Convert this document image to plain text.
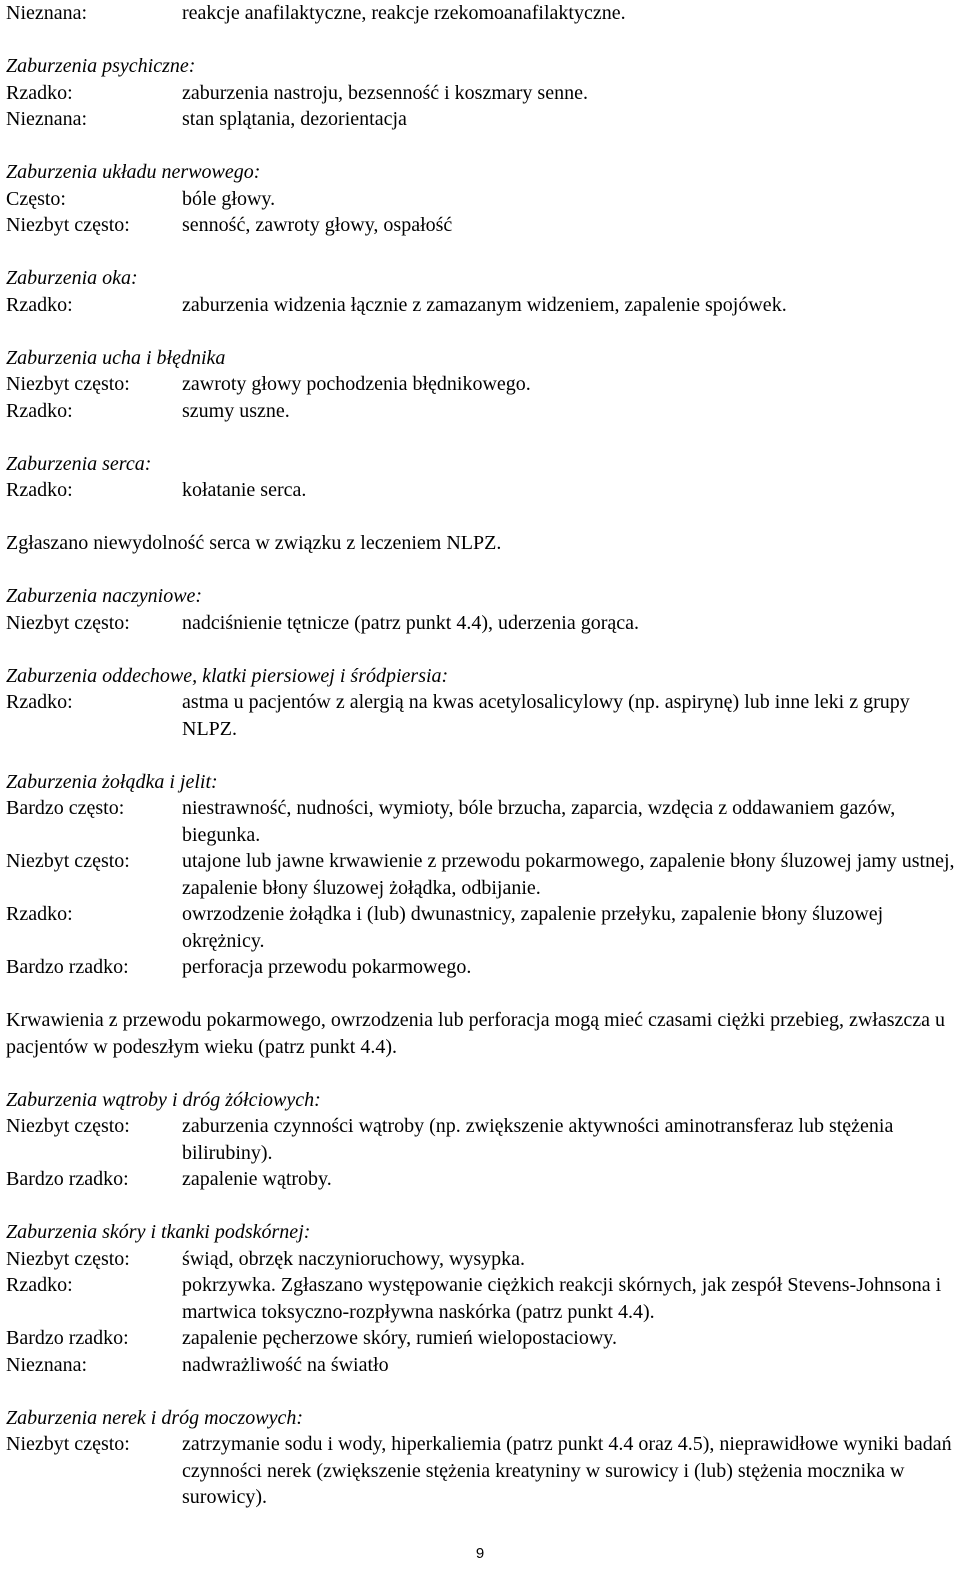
Nieznana:	reakcje anafilaktyczne, reakcje rzekomoanafilaktyczne.
Zaburzenia psychiczne:
Rzadko:	zaburzenia nastroju, bezsenność i koszmary senne.
Nieznana:	stan splątania, dezorientacja
Zaburzenia układu nerwowego:
Często:	bóle głowy.
Niezbyt często:	senność, zawroty głowy, ospałość
Zaburzenia oka:
Rzadko:	zaburzenia widzenia łącznie z zamazanym widzeniem, zapalenie spojówek.
Zaburzenia ucha i błędnika
Niezbyt często:	zawroty głowy pochodzenia błędnikowego.
Rzadko:	szumy uszne.
Zaburzenia serca:
Rzadko:	kołatanie serca.
Zgłaszano niewydolność serca w związku z leczeniem NLPZ.
Zaburzenia naczyniowe:
Niezbyt często:	nadciśnienie tętnicze (patrz punkt 4.4), uderzenia gorąca.
Zaburzenia oddechowe, klatki piersiowej i śródpiersia:
Rzadko:	astma u pacjentów z alergią na kwas acetylosalicylowy (np. aspirynę) lub inne leki z grupy NLPZ.
Zaburzenia żołądka i jelit:
Bardzo często:	niestrawność, nudności, wymioty, bóle brzucha, zaparcia, wzdęcia z oddawaniem gazów, biegunka.
Niezbyt często:	utajone lub jawne krwawienie z przewodu pokarmowego, zapalenie błony śluzowej jamy ustnej, zapalenie błony śluzowej żołądka, odbijanie.
Rzadko:	owrzodzenie żołądka i (lub) dwunastnicy, zapalenie przełyku, zapalenie błony śluzowej okrężnicy.
Bardzo rzadko:	perforacja przewodu pokarmowego.
Krwawienia z przewodu pokarmowego, owrzodzenia lub perforacja mogą mieć czasami ciężki przebieg, zwłaszcza u pacjentów w podeszłym wieku (patrz punkt 4.4).
Zaburzenia wątroby i dróg żółciowych:
Niezbyt często:	zaburzenia czynności wątroby (np. zwiększenie aktywności aminotransferaz lub stężenia bilirubiny).
Bardzo rzadko:	zapalenie wątroby.
Zaburzenia skóry i tkanki podskórnej:
Niezbyt często:	świąd, obrzęk naczynioruchowy, wysypka.
Rzadko:	pokrzywka. Zgłaszano występowanie ciężkich reakcji skórnych, jak zespół Stevens-Johnsona i martwica toksyczno-rozpływna naskórka (patrz punkt 4.4).
Bardzo rzadko:	zapalenie pęcherzowe skóry, rumień wielopostaciowy.
Nieznana:	nadwrażliwość na światło
Zaburzenia nerek i dróg moczowych:
Niezbyt często:	zatrzymanie sodu i wody, hiperkaliemia (patrz punkt 4.4 oraz 4.5), nieprawidłowe wyniki badań czynności nerek (zwiększenie stężenia kreatyniny w surowicy i (lub) stężenia mocznika w surowicy).
9
